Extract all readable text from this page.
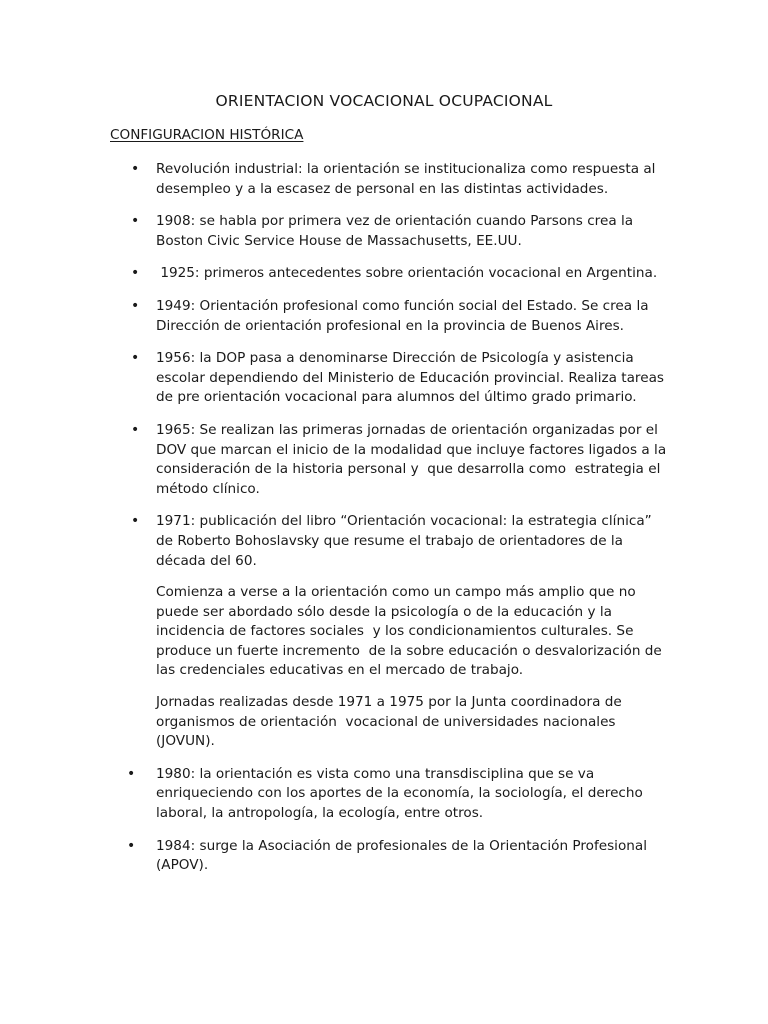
ORIENTACION VOCACIONAL OCUPACIONAL
CONFIGURACION HISTÓRICA
• Revolución industrial: la orientación se institucionaliza como respuesta al desempleo y a la escasez de personal en las distintas actividades.

• 1908: se habla por primera vez de orientación cuando Parsons crea la Boston Civic Service House de Massachusetts, EE.UU.

• 1925: primeros antecedentes sobre orientación vocacional en Argentina.

• 1949: Orientación profesional como función social del Estado. Se crea la Dirección de orientación profesional en la provincia de Buenos Aires.

• 1956: la DOP pasa a denominarse Dirección de Psicología y asistencia escolar dependiendo del Ministerio de Educación provincial. Realiza tareas de pre orientación vocacional para alumnos del último grado primario.

• 1965: Se realizan las primeras jornadas de orientación organizadas por el DOV que marcan el inicio de la modalidad que incluye factores ligados a la consideración de la historia personal y  que desarrolla como  estrategia el método clínico.

• 1971: publicación del libro “Orientación vocacional: la estrategia clínica” de Roberto Bohoslavsky que resume el trabajo de orientadores de la década del 60.

Comienza a verse a la orientación como un campo más amplio que no puede ser abordado sólo desde la psicología o de la educación y la incidencia de factores sociales  y los condicionamientos culturales. Se produce un fuerte incremento  de la sobre educación o desvalorización de las credenciales educativas en el mercado de trabajo.

Jornadas realizadas desde 1971 a 1975 por la Junta coordinadora de organismos de orientación  vocacional de universidades nacionales (JOVUN).

• 1980: la orientación es vista como una transdisciplina que se va enriqueciendo con los aportes de la economía, la sociología, el derecho laboral, la antropología, la ecología, entre otros.

• 1984: surge la Asociación de profesionales de la Orientación Profesional (APOV).
